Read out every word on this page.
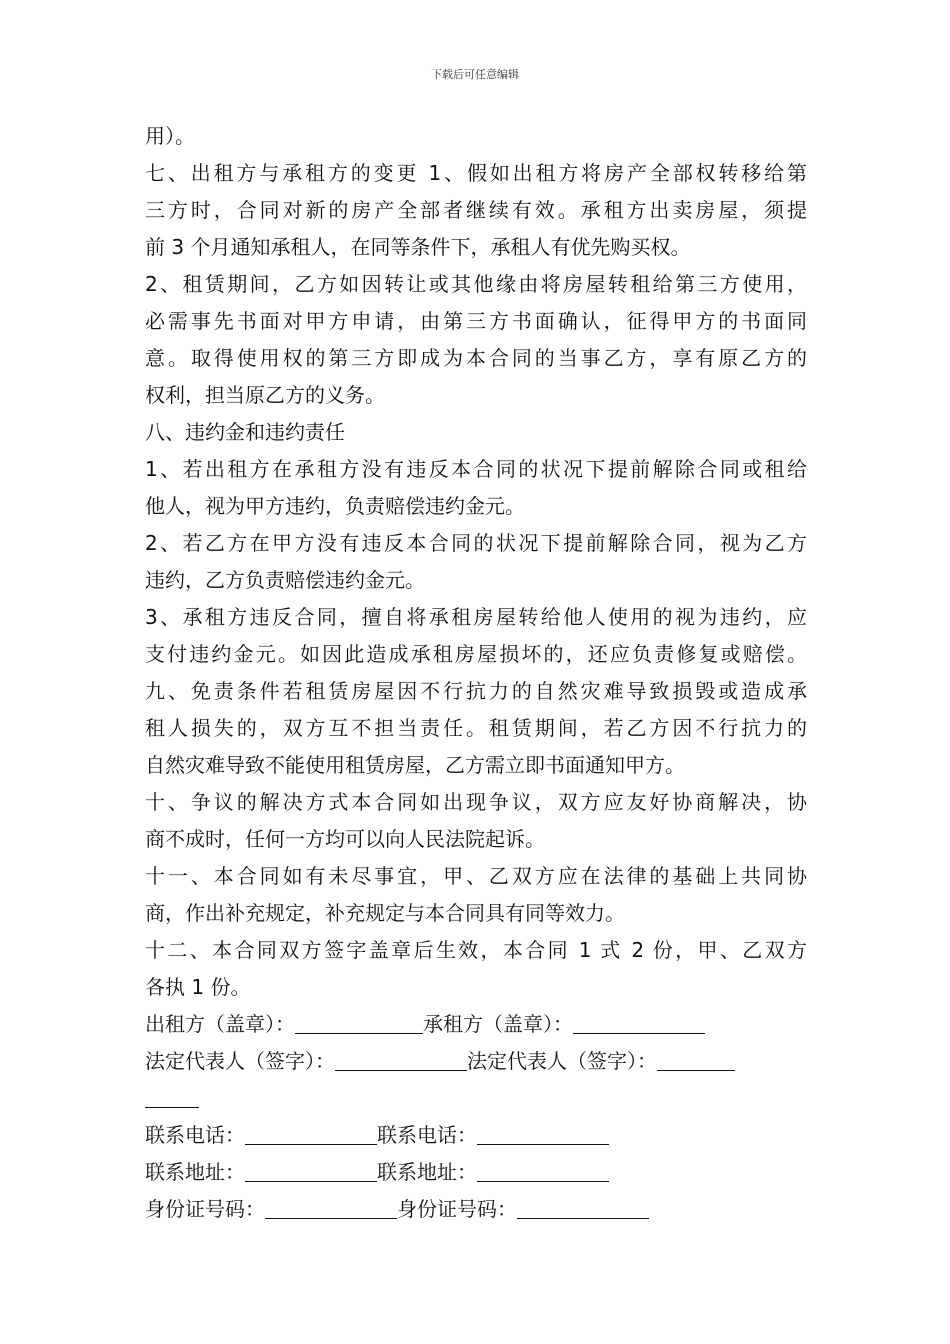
下载后可任意编辑
用）。
七、出租方与承租方的变更 1、假如出租方将房产全部权转移给第
三方时，合同对新的房产全部者继续有效。承租方出卖房屋，须提
前 3 个月通知承租人，在同等条件下，承租人有优先购买权。
2、租赁期间，乙方如因转让或其他缘由将房屋转租给第三方使用，
必需事先书面对甲方申请，由第三方书面确认，征得甲方的书面同
意。取得使用权的第三方即成为本合同的当事乙方，享有原乙方的
权利，担当原乙方的义务。
八、违约金和违约责任
1、若出租方在承租方没有违反本合同的状况下提前解除合同或租给
他人，视为甲方违约，负责赔偿违约金元。
2、若乙方在甲方没有违反本合同的状况下提前解除合同，视为乙方
违约，乙方负责赔偿违约金元。
3、承租方违反合同，擅自将承租房屋转给他人使用的视为违约，应
支付违约金元。如因此造成承租房屋损坏的，还应负责修复或赔偿。
九、免责条件若租赁房屋因不行抗力的自然灾难导致损毁或造成承
租人损失的，双方互不担当责任。租赁期间，若乙方因不行抗力的
自然灾难导致不能使用租赁房屋，乙方需立即书面通知甲方。
十、争议的解决方式本合同如出现争议，双方应友好协商解决，协
商不成时，任何一方均可以向人民法院起诉。
十一、本合同如有未尽事宜，甲、乙双方应在法律的基础上共同协
商，作出补充规定，补充规定与本合同具有同等效力。
十二、本合同双方签字盖章后生效，本合同 1 式 2 份，甲、乙双方
各执 1 份。
出租方（盖章）：	承租方（盖章）：
法定代表人（签字）：	法定代表人（签字）：
联系电话：	联系电话：
联系地址：	联系地址：
身份证号码：	身份证号码：
